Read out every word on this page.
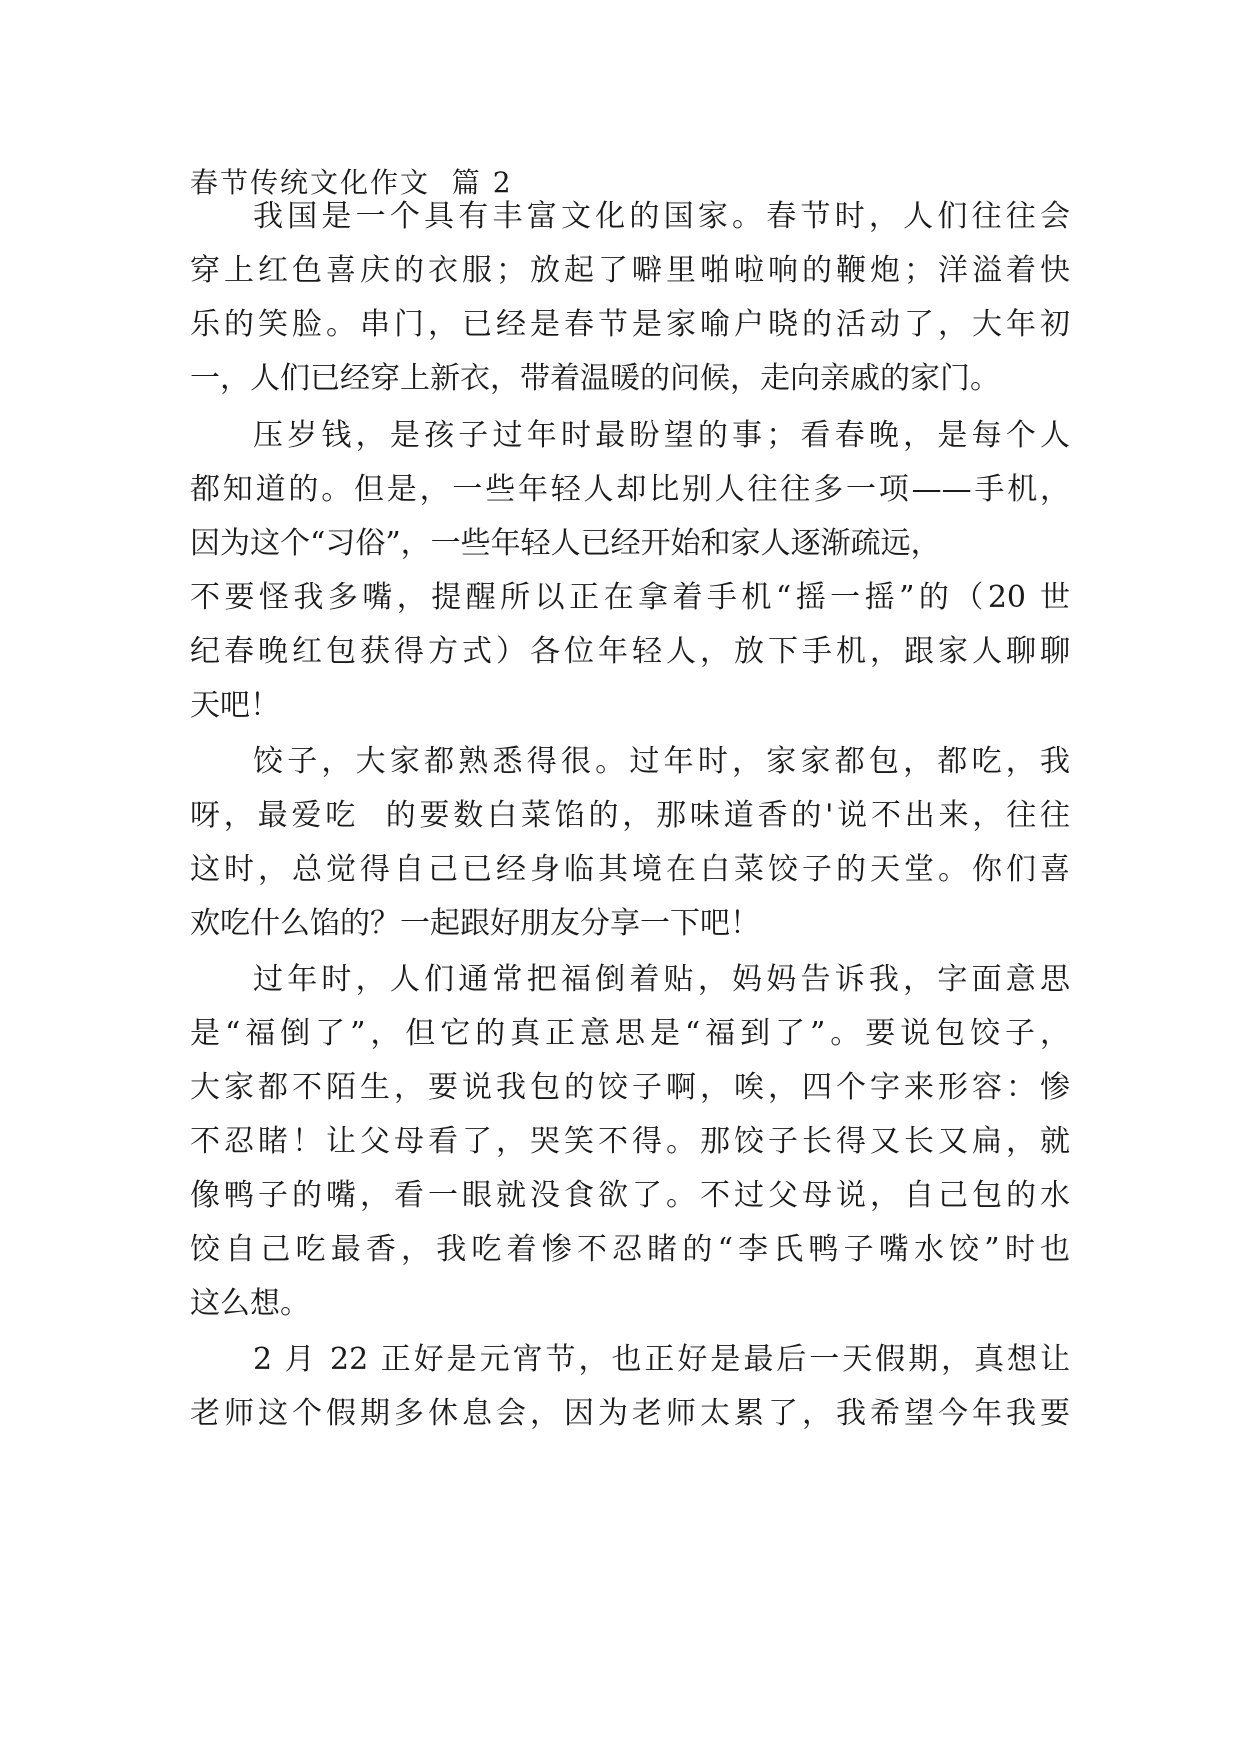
春节传统文化作文  篇 2
我国是一个具有丰富文化的国家。春节时，人们往往会
穿上红色喜庆的衣服；放起了噼里啪啦响的鞭炮；洋溢着快
乐的笑脸。串门，已经是春节是家喻户晓的活动了，大年初
一，人们已经穿上新衣，带着温暖的问候，走向亲戚的家门。
压岁钱，是孩子过年时最盼望的事；看春晚，是每个人
都知道的。但是，一些年轻人却比别人往往多一项——手机，
因为这个“习俗”，一些年轻人已经开始和家人逐渐疏远，
不要怪我多嘴，提醒所以正在拿着手机“摇一摇”的（20 世
纪春晚红包获得方式）各位年轻人，放下手机，跟家人聊聊
天吧！
饺子，大家都熟悉得很。过年时，家家都包，都吃，我
呀，最爱吃  的要数白菜馅的，那味道香的'说不出来，往往
这时，总觉得自己已经身临其境在白菜饺子的天堂。你们喜
欢吃什么馅的？一起跟好朋友分享一下吧！
过年时，人们通常把福倒着贴，妈妈告诉我，字面意思
是“福倒了”，但它的真正意思是“福到了”。要说包饺子，
大家都不陌生，要说我包的饺子啊，唉，四个字来形容：惨
不忍睹！让父母看了，哭笑不得。那饺子长得又长又扁，就
像鸭子的嘴，看一眼就没食欲了。不过父母说，自己包的水
饺自己吃最香，我吃着惨不忍睹的“李氏鸭子嘴水饺”时也
这么想。
2 月 22 正好是元宵节，也正好是最后一天假期，真想让
老师这个假期多休息会，因为老师太累了，我希望今年我要
